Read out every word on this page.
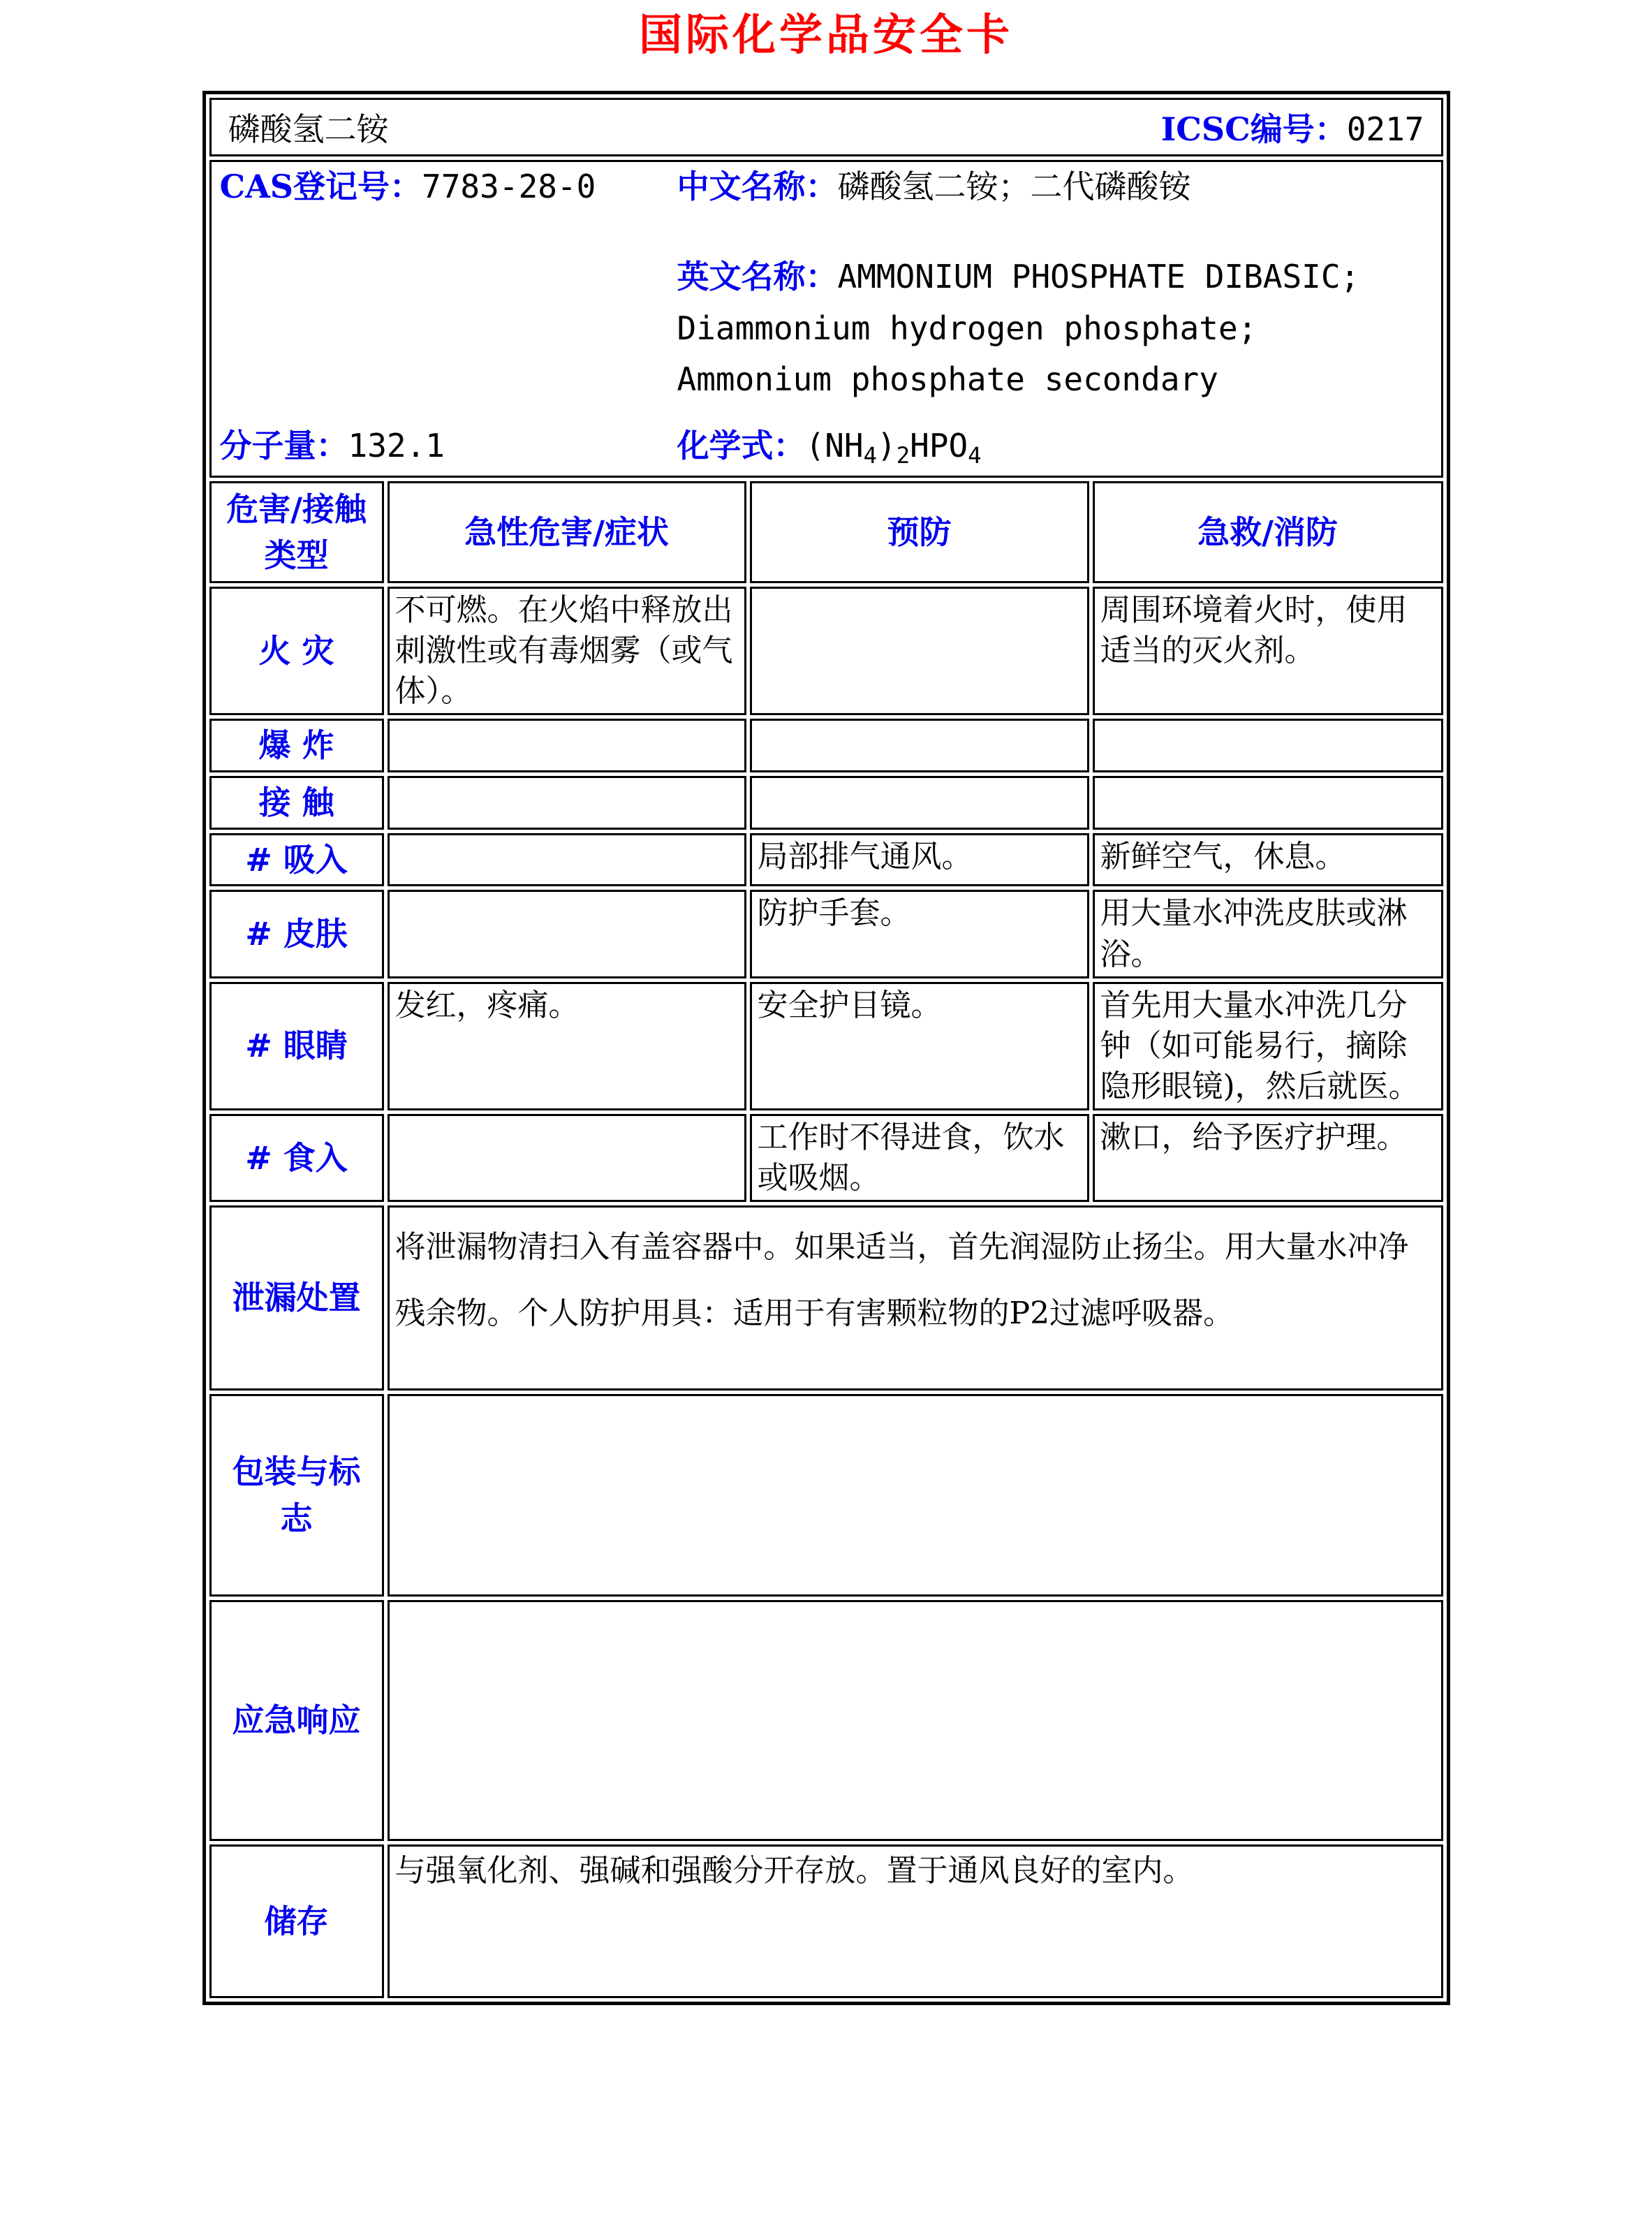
国际化学品安全卡
磷酸氢二铵 ICSC编号：0217			

CAS登记号：7783-28-0
分子量：132.1
中文名称：磷酸氢二铵；二代磷酸铵
英文名称：AMMONIUM PHOSPHATE DIBASIC; Diammonium hydrogen phosphate; Ammonium phosphate secondary
化学式：$(NH_4)_2HPO_4$

危害/接触类型	急性危害/症状	预防	急救/消防
火 灾	不可燃。在火焰中释放出刺激性或有毒烟雾（或气体）。		周围环境着火时，使用适当的灭火剂。
爆 炸			
接 触			
# 吸入		局部排气通风。	新鲜空气，休息。
# 皮肤		防护手套。	用大量水冲洗皮肤或淋浴。
# 眼睛	发红，疼痛。	安全护目镜。	首先用大量水冲洗几分钟（如可能易行，摘除隐形眼镜)，然后就医。
# 食入		工作时不得进食，饮水或吸烟。	漱口，给予医疗护理。
泄漏处置	将泄漏物清扫入有盖容器中。如果适当，首先润湿防止扬尘。用大量水冲净残余物。个人防护用具：适用于有害颗粒物的P2过滤呼吸器。		

包装与标志			
应急响应			
储存	与强氧化剂、强碱和强酸分开存放。置于通风良好的室内。		
